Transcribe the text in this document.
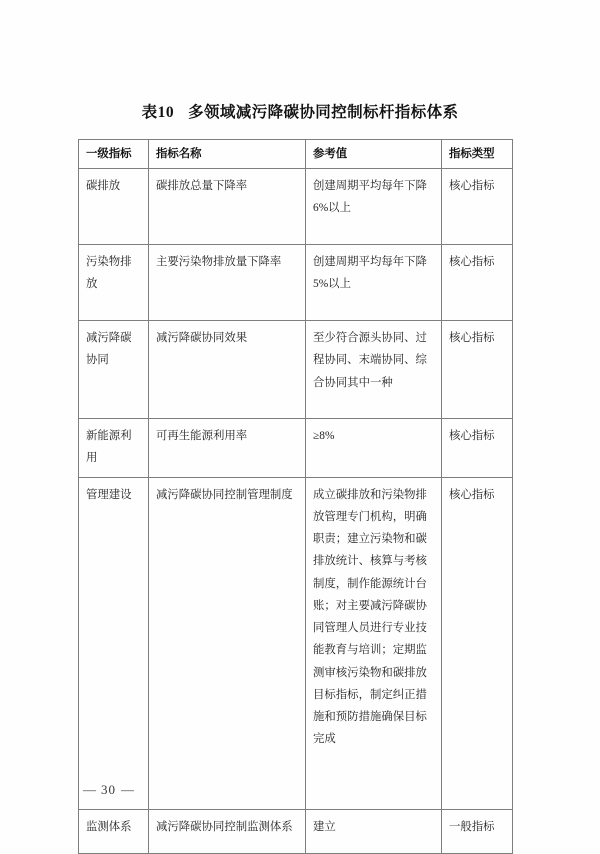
表10 多领域减污降碳协同控制标杆指标体系
一级指标	指标名称	参考值	指标类型
碳排放	碳排放总量下降率	创建周期平均每年下降6%以上	核心指标
污染物排放	主要污染物排放量下降率	创建周期平均每年下降5%以上	核心指标
减污降碳协同	减污降碳协同效果	至少符合源头协同、过程协同、末端协同、综合协同其中一种	核心指标
新能源利用	可再生能源利用率	≥8%	核心指标
管理建设	减污降碳协同控制管理制度	成立碳排放和污染物排放管理专门机构，明确职责；建立污染物和碳排放统计、核算与考核制度，制作能源统计台账；对主要减污降碳协同管理人员进行专业技能教育与培训；定期监测审核污染物和碳排放目标指标，制定纠正措施和预防措施确保目标完成	核心指标
监测体系	减污降碳协同控制监测体系	建立	一般指标
— 30 —
